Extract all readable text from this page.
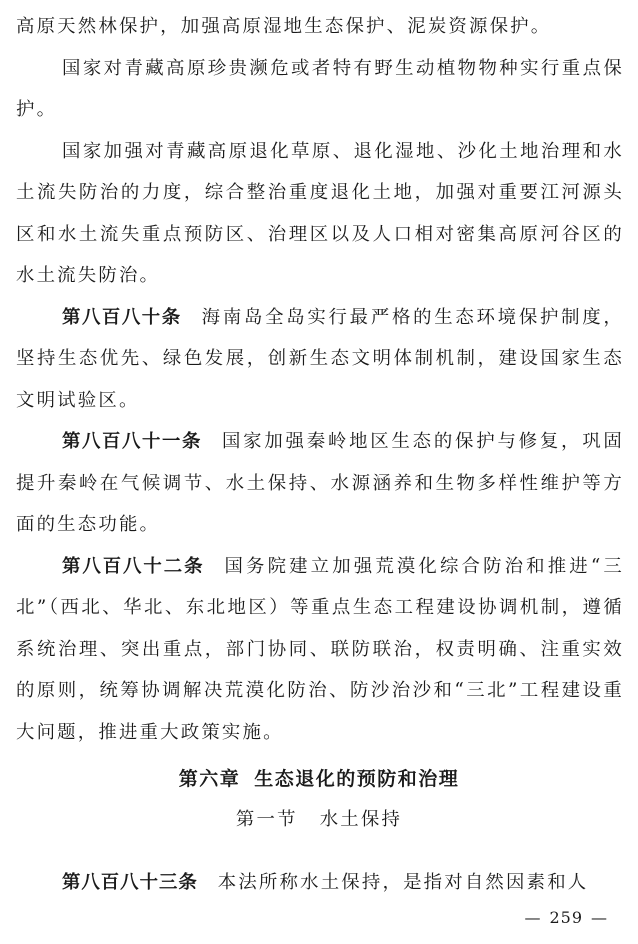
高原天然林保护，加强高原湿地生态保护、泥炭资源保护。

国家对青藏高原珍贵濒危或者特有野生动植物物种实行重点保护。

国家加强对青藏高原退化草原、退化湿地、沙化土地治理和水土流失防治的力度，综合整治重度退化土地，加强对重要江河源头区和水土流失重点预防区、治理区以及人口相对密集高原河谷区的水土流失防治。

第八百八十条 海南岛全岛实行最严格的生态环境保护制度，坚持生态优先、绿色发展，创新生态文明体制机制，建设国家生态文明试验区。

第八百八十一条 国家加强秦岭地区生态的保护与修复，巩固提升秦岭在气候调节、水土保持、水源涵养和生物多样性维护等方面的生态功能。

第八百八十二条 国务院建立加强荒漠化综合防治和推进“三北”（西北、华北、东北地区）等重点生态工程建设协调机制，遵循系统治理、突出重点，部门协同、联防联治，权责明确、注重实效的原则，统筹协调解决荒漠化防治、防沙治沙和“三北”工程建设重大问题，推进重大政策实施。

第六章 生态退化的预防和治理
第一节 水土保持

第八百八十三条 本法所称水土保持，是指对自然因素和人

— 259 —
